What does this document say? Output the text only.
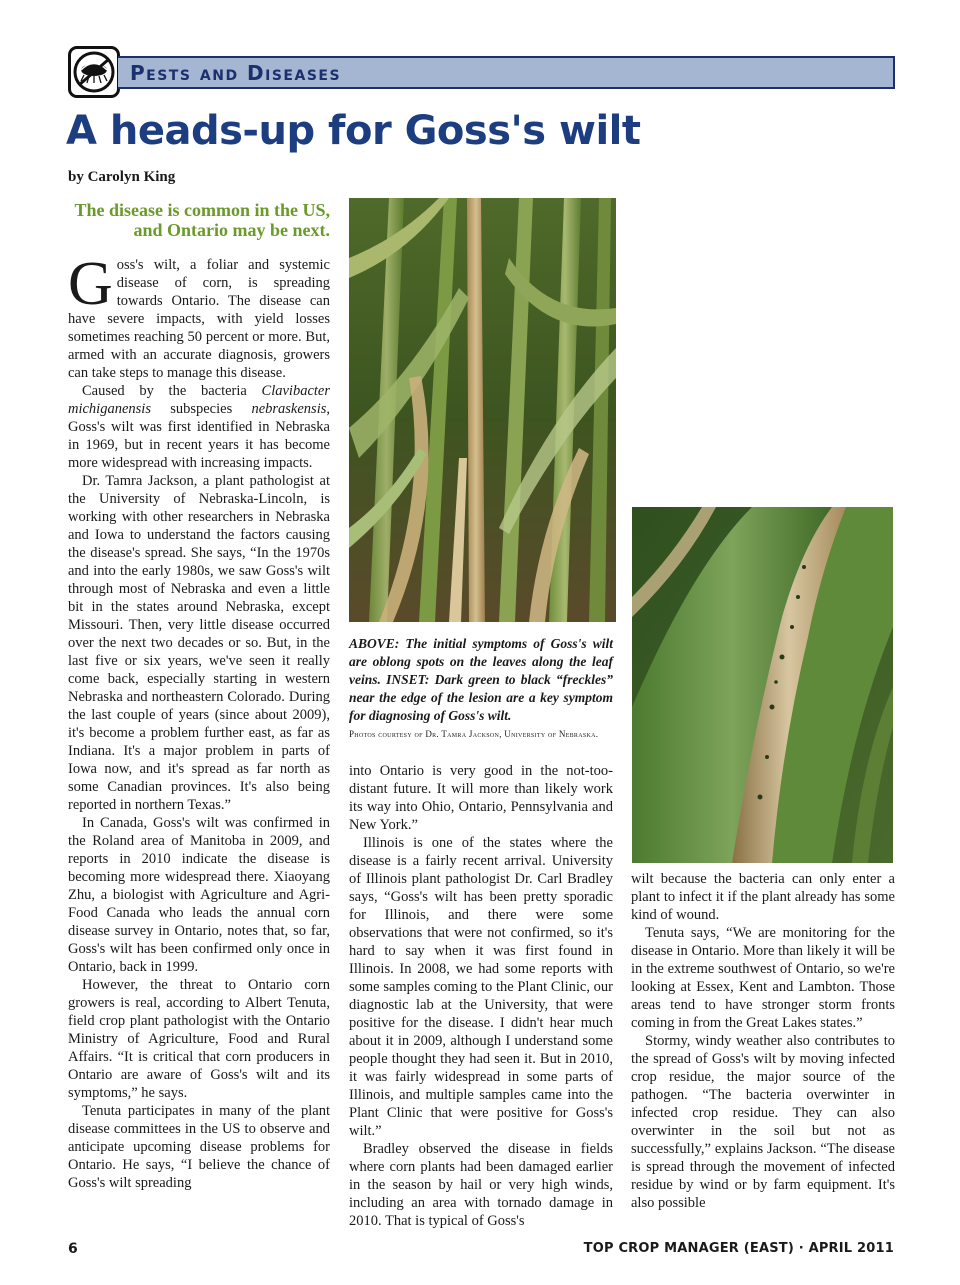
Pests and Diseases
A heads-up for Goss's wilt
by Carolyn King
The disease is common in the US, and Ontario may be next.

Goss's wilt, a foliar and systemic disease of corn, is spreading towards Ontario. The disease can have severe impacts, with yield losses sometimes reaching 50 percent or more. But, armed with an accurate diagnosis, growers can take steps to manage this disease.

Caused by the bacteria Clavibacter michiganensis subspecies nebraskensis, Goss's wilt was first identified in Nebraska in 1969, but in recent years it has become more widespread with increasing impacts.

Dr. Tamra Jackson, a plant pathologist at the University of Nebraska-Lincoln, is working with other researchers in Nebraska and Iowa to understand the factors causing the disease's spread. She says, “In the 1970s and into the early 1980s, we saw Goss's wilt through most of Nebraska and even a little bit in the states around Nebraska, except Missouri. Then, very little disease occurred over the next two decades or so. But, in the last five or six years, we've seen it really come back, especially starting in western Nebraska and northeastern Colorado. During the last couple of years (since about 2009), it's become a problem further east, as far as Indiana. It's a major problem in parts of Iowa now, and it's spread as far north as some Canadian provinces. It's also being reported in northern Texas.”

In Canada, Goss's wilt was confirmed in the Roland area of Manitoba in 2009, and reports in 2010 indicate the disease is becoming more widespread there. Xiaoyang Zhu, a biologist with Agriculture and Agri-Food Canada who leads the annual corn disease survey in Ontario, notes that, so far, Goss's wilt has been confirmed only once in Ontario, back in 1999.

However, the threat to Ontario corn growers is real, according to Albert Tenuta, field crop plant pathologist with the Ontario Ministry of Agriculture, Food and Rural Affairs. “It is critical that corn producers in Ontario are aware of Goss's wilt and its symptoms,” he says.

Tenuta participates in many of the plant disease committees in the US to observe and anticipate upcoming disease problems for Ontario. He says, “I believe the chance of Goss's wilt spreading

ABOVE: The initial symptoms of Goss's wilt are oblong spots on the leaves along the leaf veins. INSET: Dark green to black “freckles” near the edge of the lesion are a key symptom for diagnosing of Goss's wilt.
Photos courtesy of Dr. Tamra Jackson, University of Nebraska.

into Ontario is very good in the not-too-distant future. It will more than likely work its way into Ohio, Ontario, Pennsylvania and New York.”

Illinois is one of the states where the disease is a fairly recent arrival. University of Illinois plant pathologist Dr. Carl Bradley says, “Goss's wilt has been pretty sporadic for Illinois, and there were some observations that were not confirmed, so it's hard to say when it was first found in Illinois. In 2008, we had some reports with some samples coming to the Plant Clinic, our diagnostic lab at the University, that were positive for the disease. I didn't hear much about it in 2009, although I understand some people thought they had seen it. But in 2010, it was fairly widespread in some parts of Illinois, and multiple samples came into the Plant Clinic that were positive for Goss's wilt.”

Bradley observed the disease in fields where corn plants had been damaged earlier in the season by hail or very high winds, including an area with tornado damage in 2010. That is typical of Goss's

wilt because the bacteria can only enter a plant to infect it if the plant already has some kind of wound.

Tenuta says, “We are monitoring for the disease in Ontario. More than likely it will be in the extreme southwest of Ontario, so we're looking at Essex, Kent and Lambton. Those areas tend to have stronger storm fronts coming in from the Great Lakes states.”

Stormy, windy weather also contributes to the spread of Goss's wilt by moving infected crop residue, the major source of the pathogen. “The bacteria overwinter in infected crop residue. They can also overwinter in the soil but not as successfully,” explains Jackson. “The disease is spread through the movement of infected residue by wind or by farm equipment. It's also possible

6	TOP CROP MANAGER (EAST) · APRIL 2011
